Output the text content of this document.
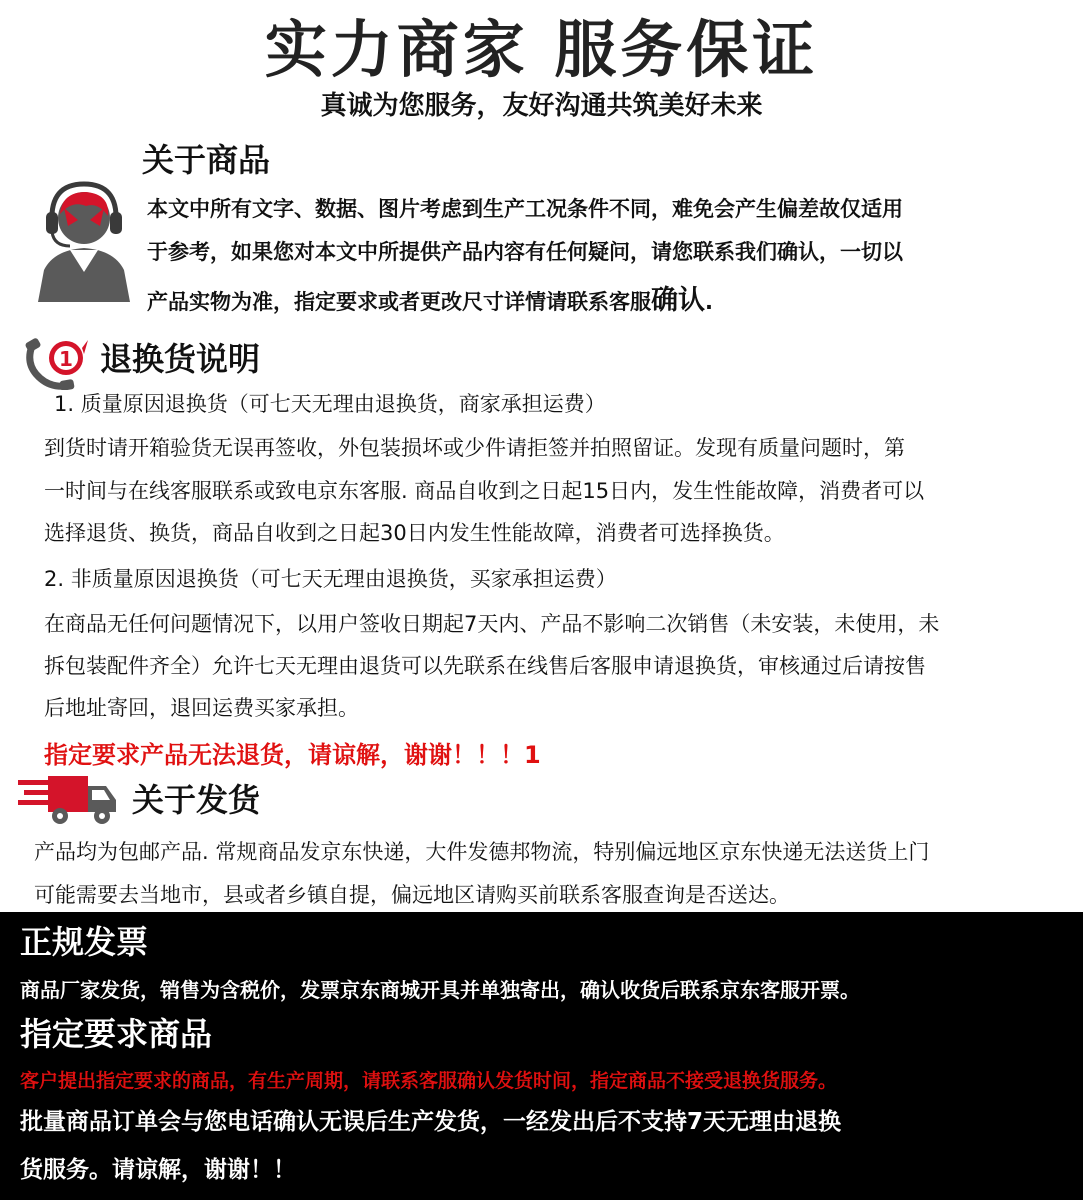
实力商家 服务保证
真诚为您服务，友好沟通共筑美好未来
关于商品
本文中所有文字、数据、图片考虑到生产工况条件不同，难免会产生偏差故仅适用
于参考，如果您对本文中所提供产品内容有任何疑问，请您联系我们确认，一切以
产品实物为准，指定要求或者更改尺寸详情请联系客服确认.
1 退换货说明
1. 质量原因退换货（可七天无理由退换货，商家承担运费）
到货时请开箱验货无误再签收，外包装损坏或少件请拒签并拍照留证。发现有质量问题时，第
一时间与在线客服联系或致电京东客服. 商品自收到之日起15日内，发生性能故障，消费者可以
选择退货、换货，商品自收到之日起30日内发生性能故障，消费者可选择换货。
2. 非质量原因退换货（可七天无理由退换货，买家承担运费）
在商品无任何问题情况下，以用户签收日期起7天内、产品不影响二次销售（未安装，未使用，未
拆包装配件齐全）允许七天无理由退货可以先联系在线售后客服申请退换货，审核通过后请按售
后地址寄回，退回运费买家承担。
指定要求产品无法退货，请谅解，谢谢！！！1
关于发货
产品均为包邮产品. 常规商品发京东快递，大件发德邦物流，特别偏远地区京东快递无法送货上门
可能需要去当地市，县或者乡镇自提，偏远地区请购买前联系客服查询是否送达。
正规发票
商品厂家发货，销售为含税价，发票京东商城开具并单独寄出，确认收货后联系京东客服开票。
指定要求商品
客户提出指定要求的商品，有生产周期，请联系客服确认发货时间，指定商品不接受退换货服务。
批量商品订单会与您电话确认无误后生产发货，一经发出后不支持7天无理由退换
货服务。请谅解，谢谢！！
